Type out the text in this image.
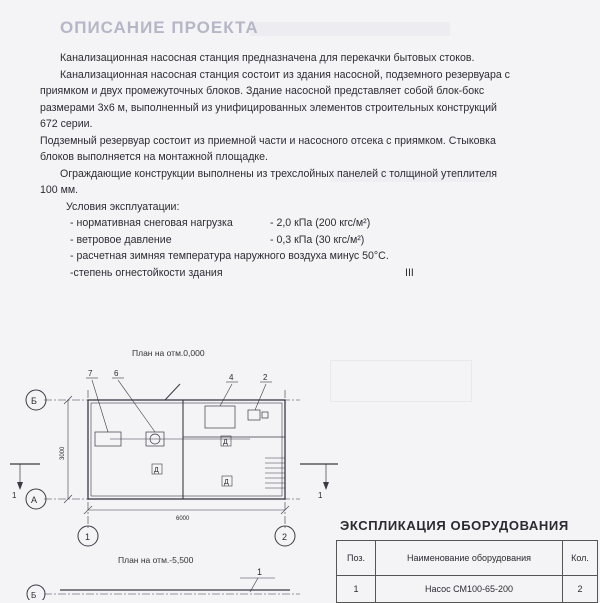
ОПИСАНИЕ ПРОЕКТА

Канализационная насосная станция предназначена для перекачки бытовых стоков.

Канализационная насосная станция состоит из здания насосной, подземного резервуара с приямком и двух промежуточных блоков. Здание насосной представляет собой блок-бокс размерами 3х6 м, выполненный из унифицированных элементов строительных конструкций 672 серии.

Подземный резервуар состоит из приемной части и насосного отсека с приямком. Стыковка блоков выполняется на монтажной площадке.

Ограждающие конструкции выполнены из трехслойных панелей с толщиной утеплителя 100 мм.

Условия эксплуатации:

- нормативная снеговая нагрузка	- 2,0 кПа (200 кгс/м²)

- ветровое давление	- 0,3 кПа (30 кгс/м²)

- расчетная зимняя температура наружного воздуха минус 50°С.

-степень огнестойкости здания	III

План на отм.0,000
Б
А
1	2
6000
3000
7	6	4	2
Д
Д
Д
1	1
Б
1
План на отм.-5,500
ЭКСПЛИКАЦИЯ ОБОРУДОВАНИЯ
Поз.	Наименование оборудования	Кол.
1	Насос СМ100-65-200	2
